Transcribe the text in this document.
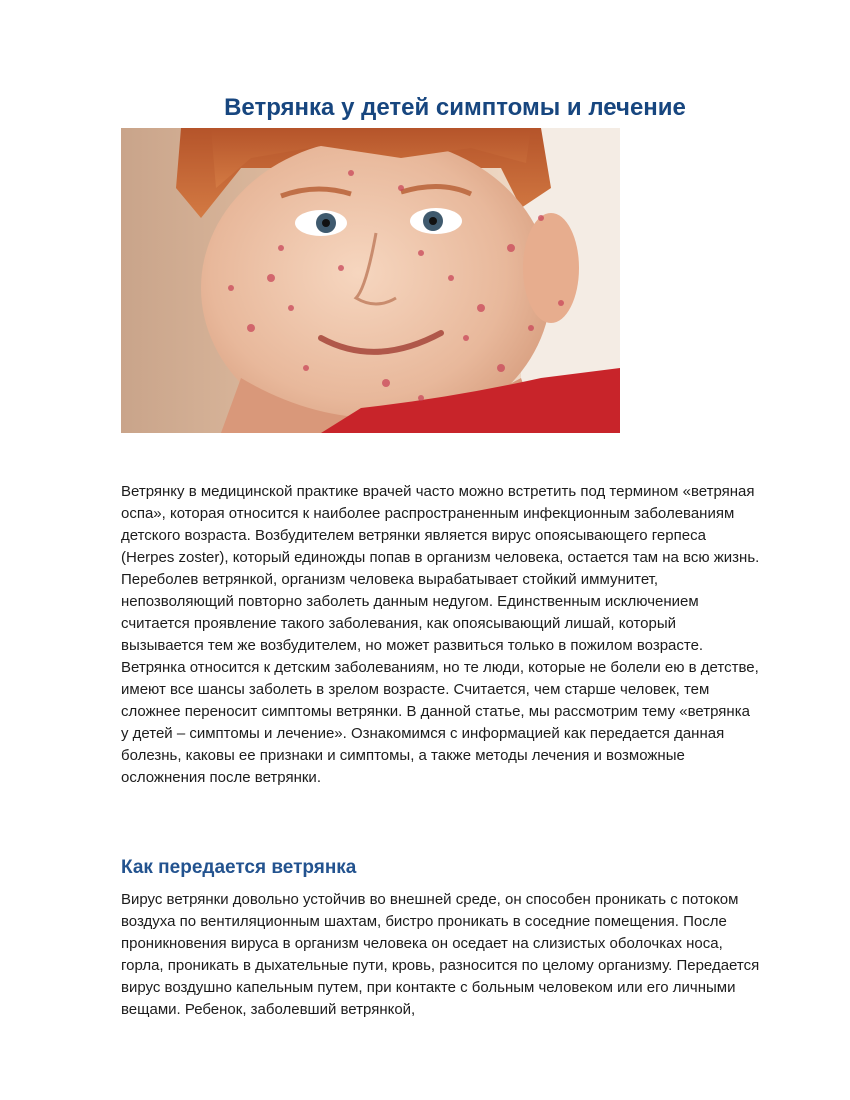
Ветрянка у детей симптомы и лечение

Ветрянку в медицинской практике врачей часто можно встретить под термином «ветряная оспа», которая относится к наиболее распространенным инфекционным заболеваниям детского возраста. Возбудителем ветрянки является вирус опоясывающего герпеса (Herpes zoster), который единожды попав в организм человека, остается там на всю жизнь. Переболев ветрянкой, организм человека вырабатывает стойкий иммунитет, непозволяющий повторно заболеть данным недугом. Единственным исключением считается проявление такого заболевания, как опоясывающий лишай, который вызывается тем же возбудителем, но может развиться только в пожилом возрасте. Ветрянка относится к детским заболеваниям, но те люди, которые не болели ею в детстве, имеют все шансы заболеть в зрелом возрасте. Считается, чем старше человек, тем сложнее переносит симптомы ветрянки. В данной статье, мы рассмотрим тему «ветрянка у детей – симптомы и лечение». Ознакомимся с информацией как передается данная болезнь, каковы ее признаки и симптомы, а также методы лечения и возможные осложнения после ветрянки.

Как передается ветрянка

Вирус ветрянки довольно устойчив во внешней среде, он способен проникать с потоком воздуха по вентиляционным шахтам, бистро проникать в соседние помещения. После проникновения вируса в организм человека он оседает на слизистых оболочках носа, горла, проникать в дыхательные пути, кровь, разносится по целому организму. Передается вирус воздушно капельным путем, при контакте с больным человеком или его личными вещами. Ребенок, заболевший ветрянкой,
